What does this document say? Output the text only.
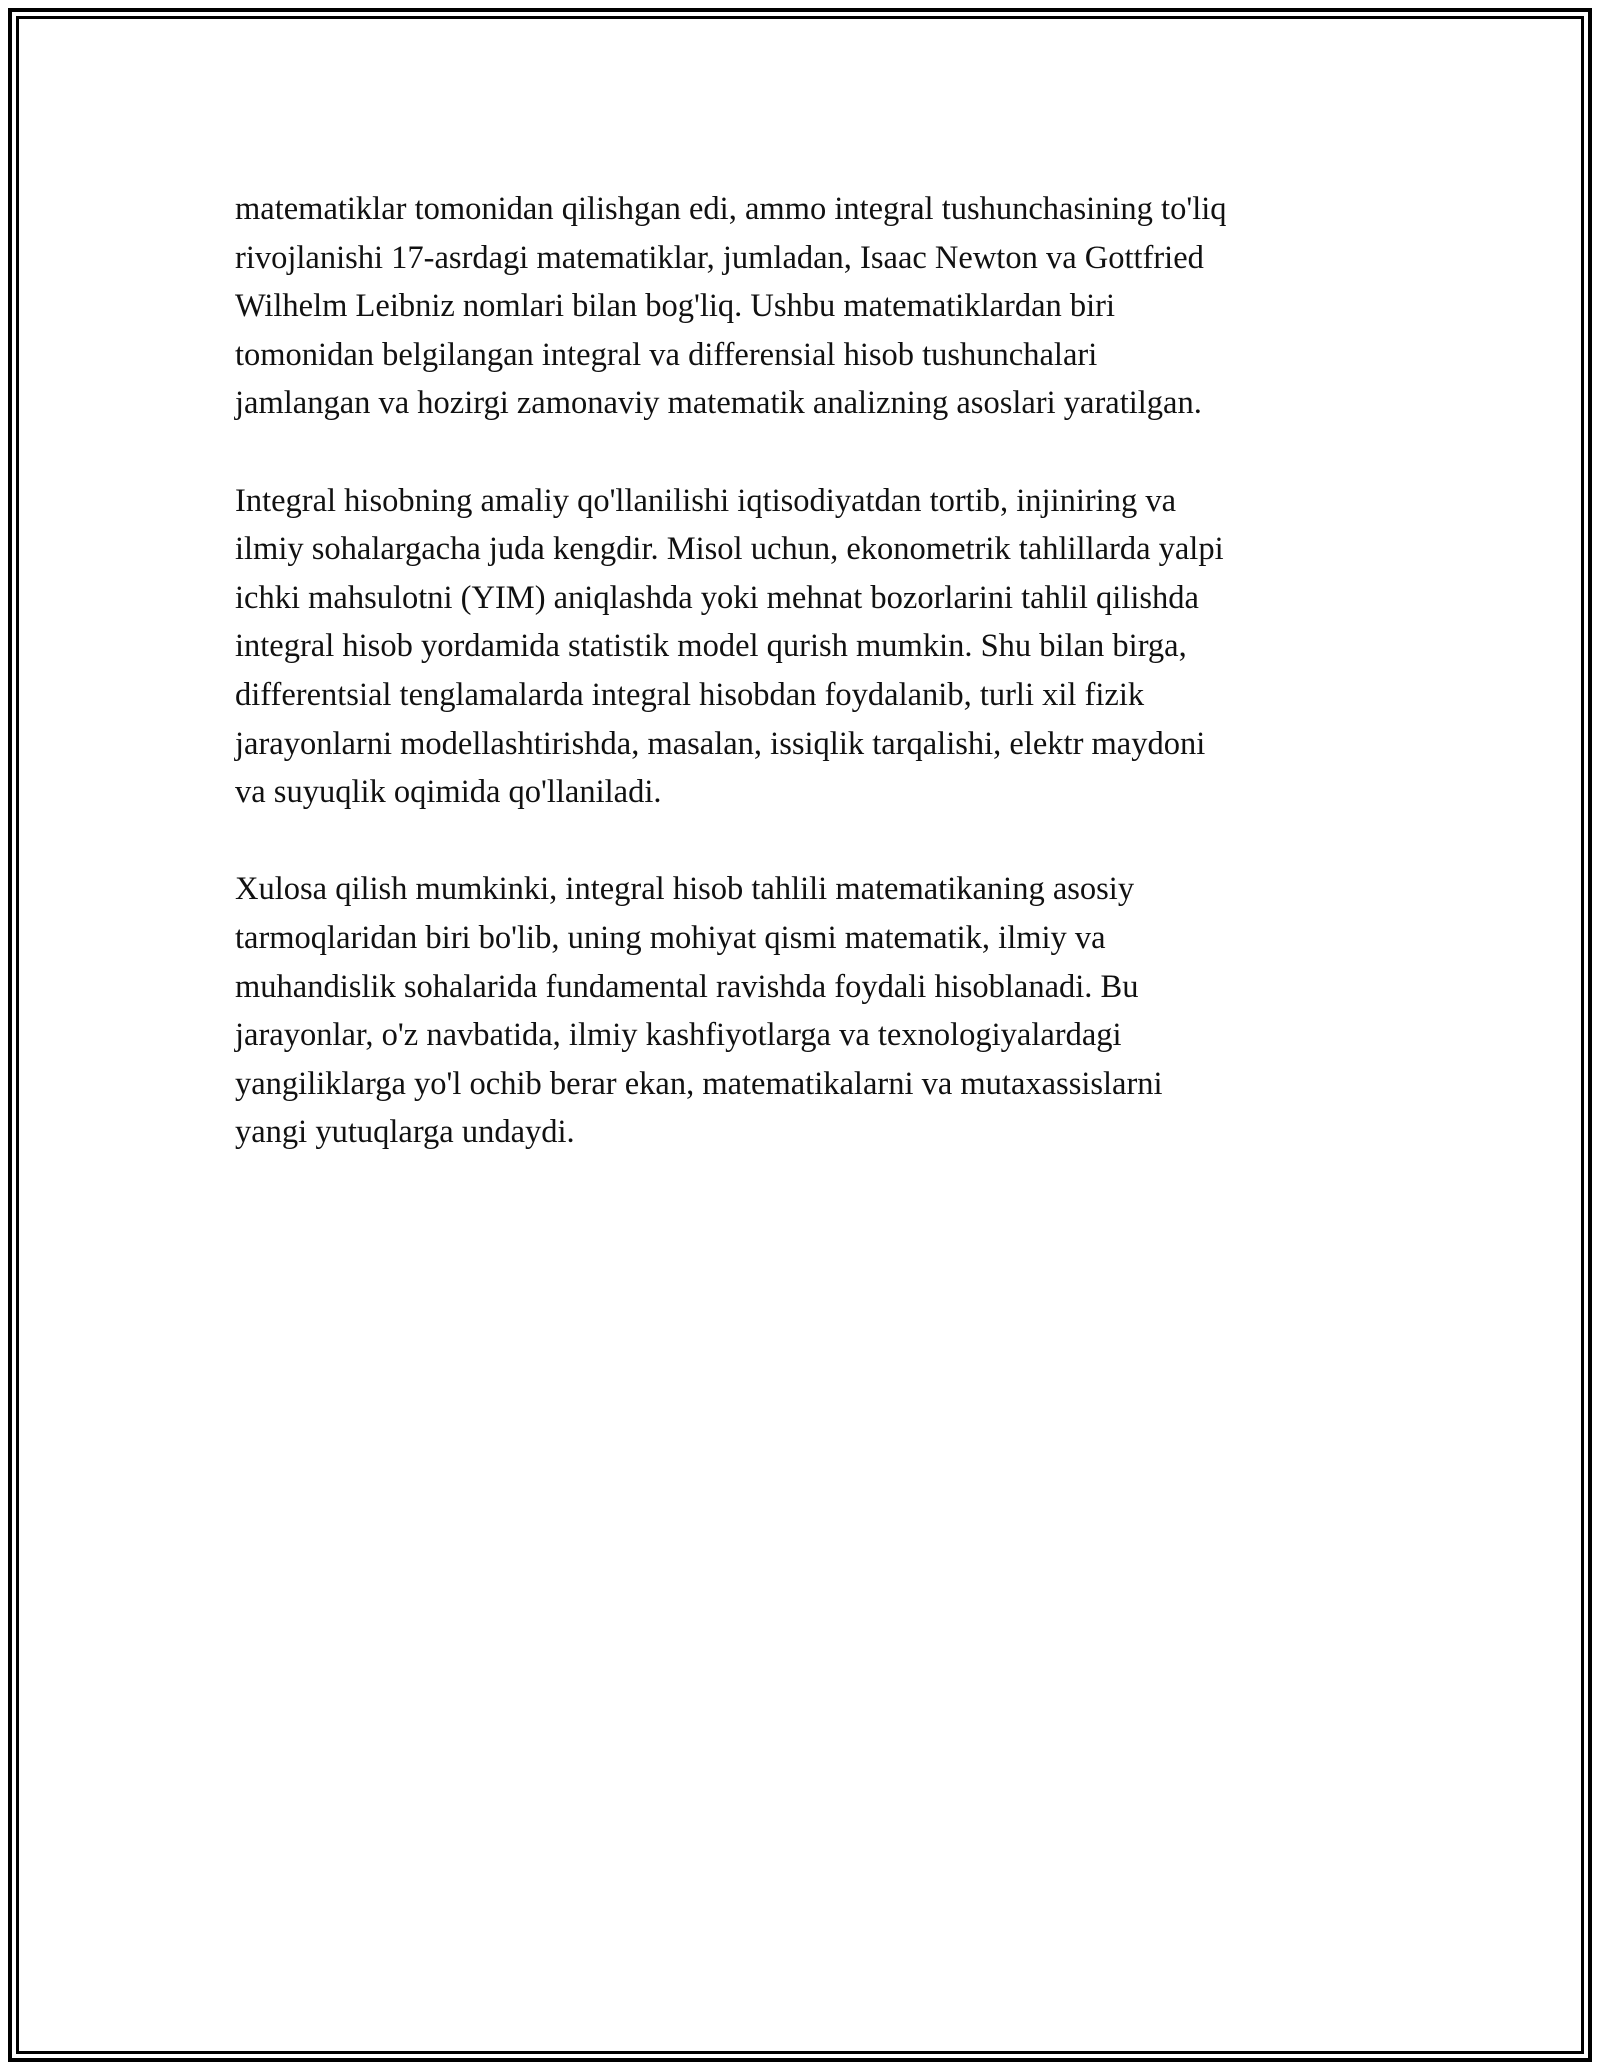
matematiklar tomonidan qilishgan edi, ammo integral tushunchasining to'liq
rivojlanishi 17-asrdagi matematiklar, jumladan, Isaac Newton va Gottfried
Wilhelm Leibniz nomlari bilan bog'liq. Ushbu matematiklardan biri
tomonidan belgilangan integral va differensial hisob tushunchalari
jamlangan va hozirgi zamonaviy matematik analizning asoslari yaratilgan.

Integral hisobning amaliy qo'llanilishi iqtisodiyatdan tortib, injiniring va
ilmiy sohalargacha juda kengdir. Misol uchun, ekonometrik tahlillarda yalpi
ichki mahsulotni (YIM) aniqlashda yoki mehnat bozorlarini tahlil qilishda
integral hisob yordamida statistik model qurish mumkin. Shu bilan birga,
differentsial tenglamalarda integral hisobdan foydalanib, turli xil fizik
jarayonlarni modellashtirishda, masalan, issiqlik tarqalishi, elektr maydoni
va suyuqlik oqimida qo'llaniladi.

Xulosa qilish mumkinki, integral hisob tahlili matematikaning asosiy
tarmoqlaridan biri bo'lib, uning mohiyat qismi matematik, ilmiy va
muhandislik sohalarida fundamental ravishda foydali hisoblanadi. Bu
jarayonlar, o'z navbatida, ilmiy kashfiyotlarga va texnologiyalardagi
yangiliklarga yo'l ochib berar ekan, matematikalarni va mutaxassislarni
yangi yutuqlarga undaydi.
